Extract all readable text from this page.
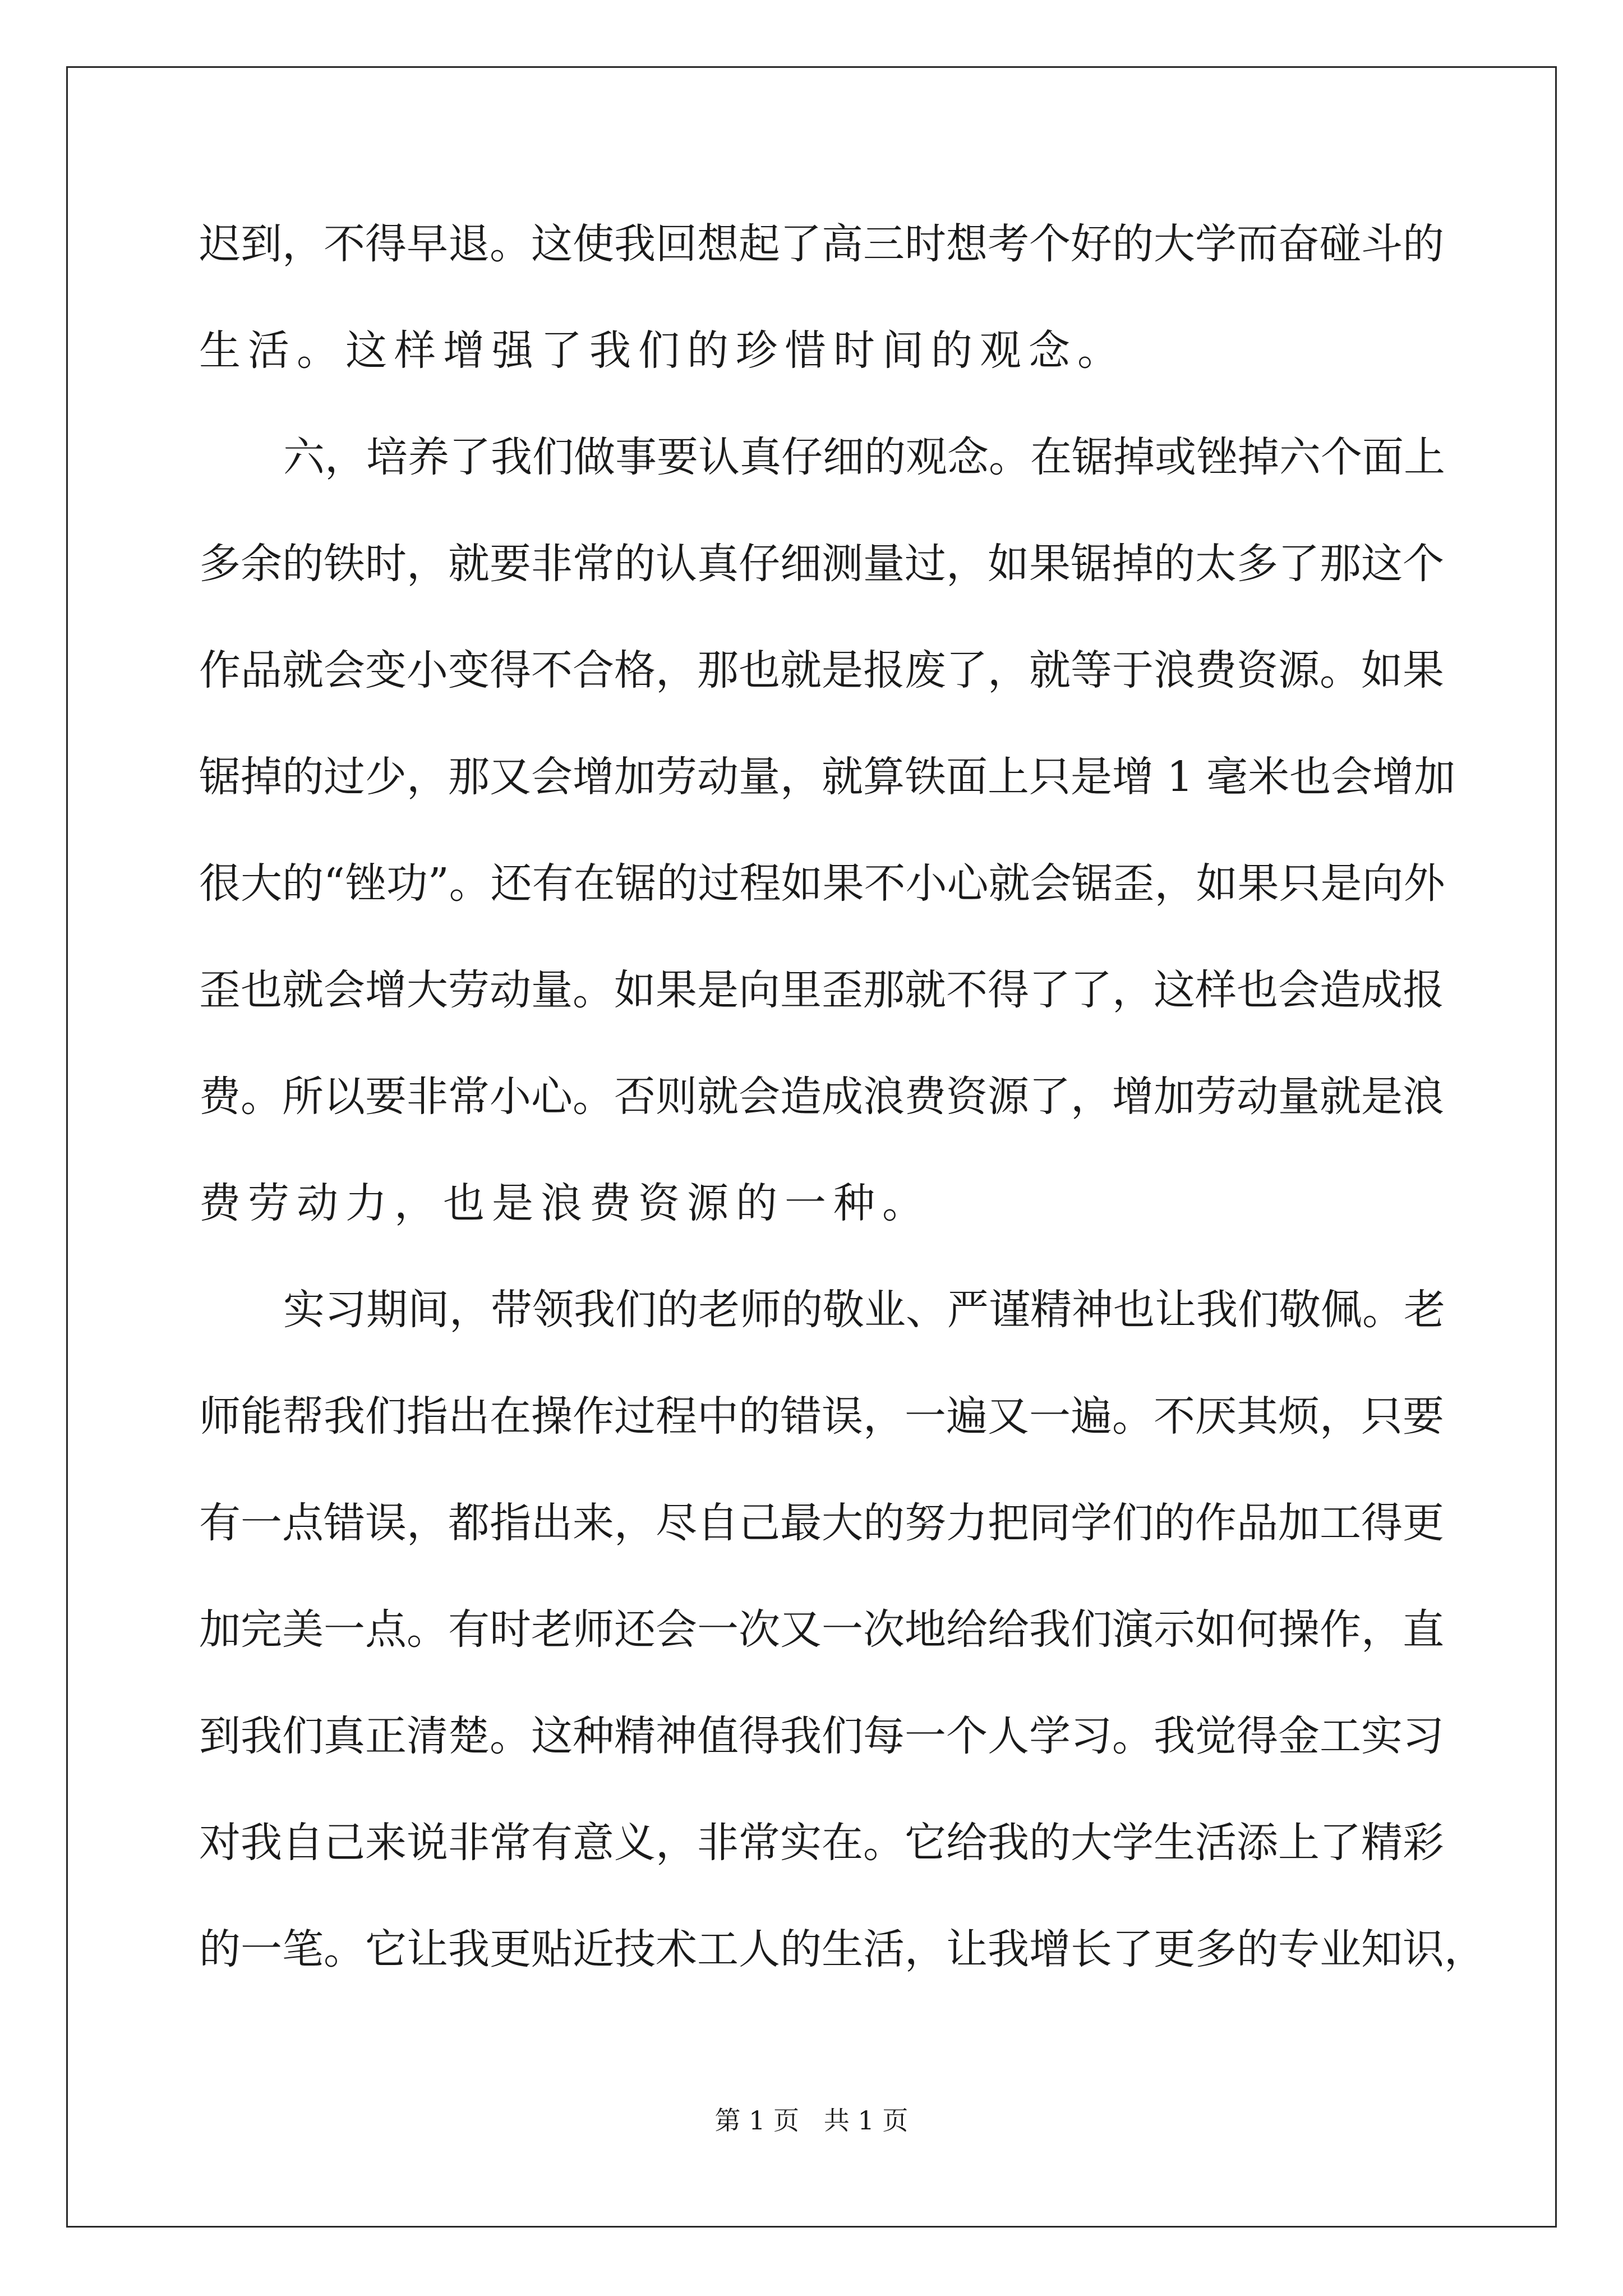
迟到，不得早退。这使我回想起了高三时想考个好的大学而奋碰斗的
生活。这样增强了我们的珍惜时间的观念。
六，培养了我们做事要认真仔细的观念。在锯掉或锉掉六个面上
多余的铁时，就要非常的认真仔细测量过，如果锯掉的太多了那这个
作品就会变小变得不合格，那也就是报废了，就等于浪费资源。如果
锯掉的过少，那又会增加劳动量，就算铁面上只是增 1 毫米也会增加
很大的“锉功”。还有在锯的过程如果不小心就会锯歪，如果只是向外
歪也就会增大劳动量。如果是向里歪那就不得了了，这样也会造成报
费。所以要非常小心。否则就会造成浪费资源了，增加劳动量就是浪
费劳动力，也是浪费资源的一种。
实习期间，带领我们的老师的敬业、严谨精神也让我们敬佩。老
师能帮我们指出在操作过程中的错误，一遍又一遍。不厌其烦，只要
有一点错误，都指出来，尽自己最大的努力把同学们的作品加工得更
加完美一点。有时老师还会一次又一次地给给我们演示如何操作，直
到我们真正清楚。这种精神值得我们每一个人学习。我觉得金工实习
对我自己来说非常有意义，非常实在。它给我的大学生活添上了精彩
的一笔。它让我更贴近技术工人的生活，让我增长了更多的专业知识，
第 1 页   共 1 页
